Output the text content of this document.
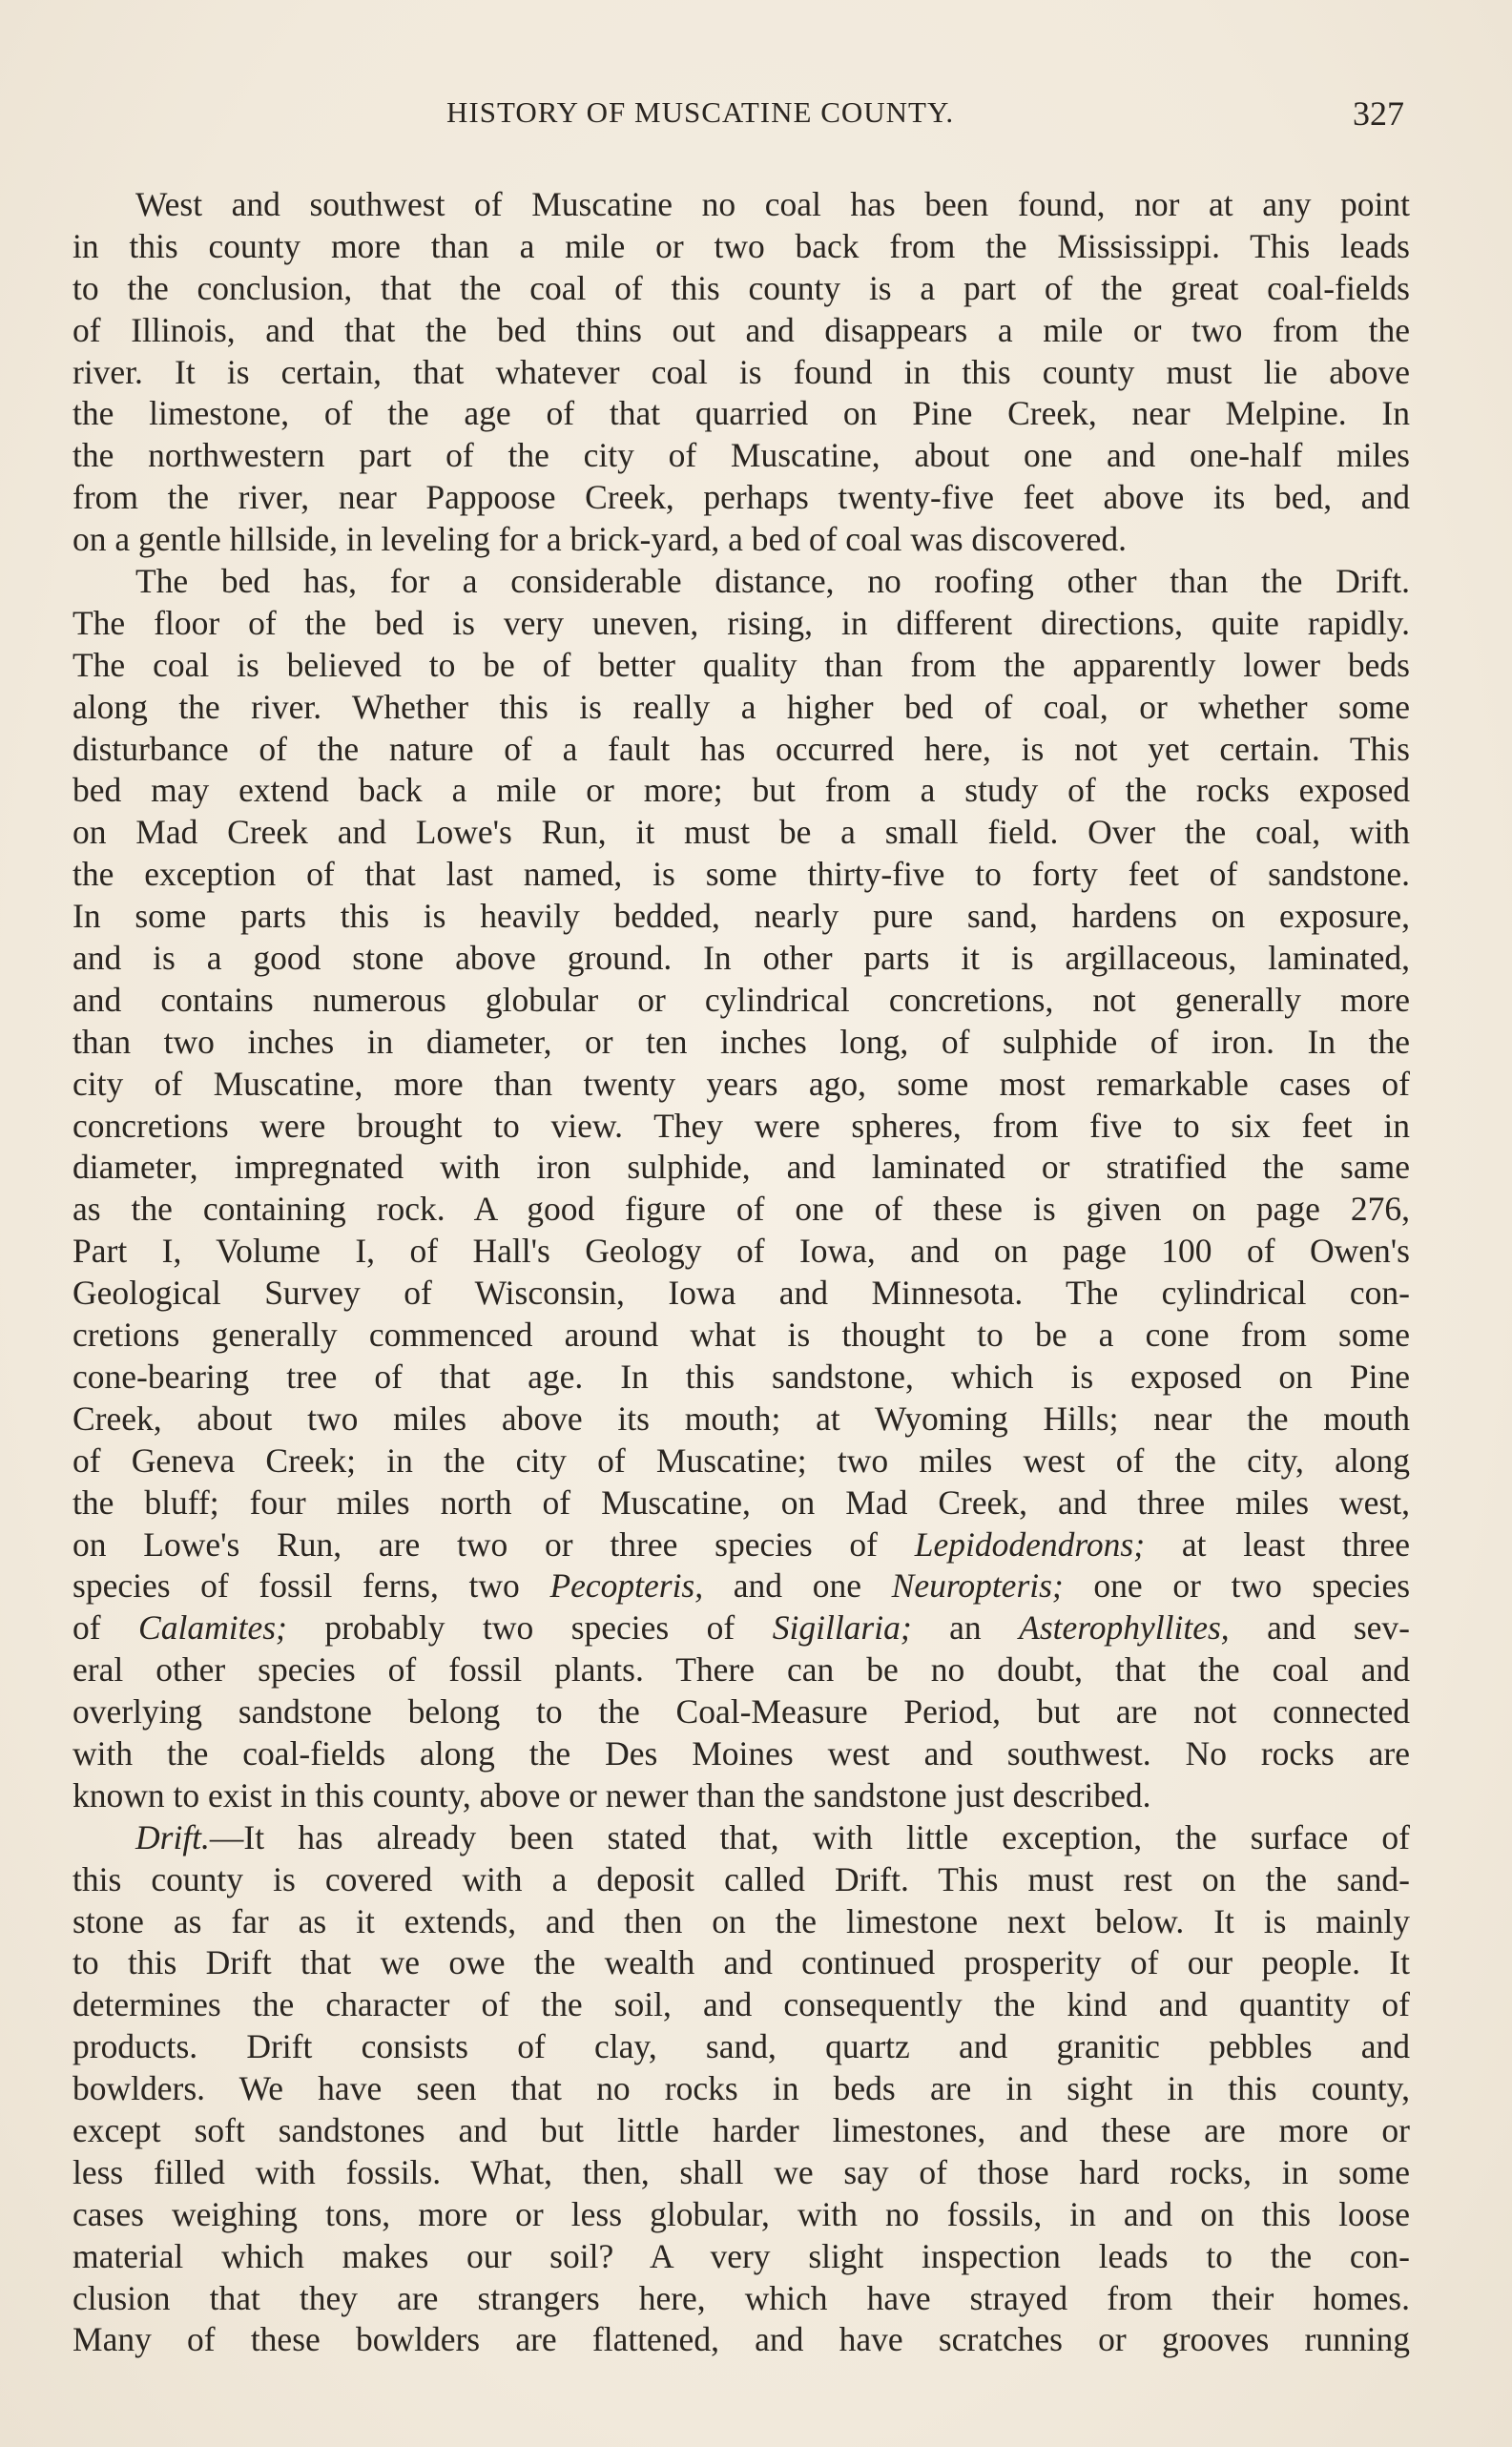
HISTORY OF MUSCATINE COUNTY.	327
West and southwest of Muscatine no coal has been found, nor at any point
in this county more than a mile or two back from the Mississippi. This leads
to the conclusion, that the coal of this county is a part of the great coal-fields
of Illinois, and that the bed thins out and disappears a mile or two from the
river. It is certain, that whatever coal is found in this county must lie above
the limestone, of the age of that quarried on Pine Creek, near Melpine. In
the northwestern part of the city of Muscatine, about one and one-half miles
from the river, near Pappoose Creek, perhaps twenty-five feet above its bed, and
on a gentle hillside, in leveling for a brick-yard, a bed of coal was discovered.
The bed has, for a considerable distance, no roofing other than the Drift.
The floor of the bed is very uneven, rising, in different directions, quite rapidly.
The coal is believed to be of better quality than from the apparently lower beds
along the river. Whether this is really a higher bed of coal, or whether some
disturbance of the nature of a fault has occurred here, is not yet certain. This
bed may extend back a mile or more; but from a study of the rocks exposed
on Mad Creek and Lowe's Run, it must be a small field. Over the coal, with
the exception of that last named, is some thirty-five to forty feet of sandstone.
In some parts this is heavily bedded, nearly pure sand, hardens on exposure,
and is a good stone above ground. In other parts it is argillaceous, laminated,
and contains numerous globular or cylindrical concretions, not generally more
than two inches in diameter, or ten inches long, of sulphide of iron. In the
city of Muscatine, more than twenty years ago, some most remarkable cases of
concretions were brought to view. They were spheres, from five to six feet in
diameter, impregnated with iron sulphide, and laminated or stratified the same
as the containing rock. A good figure of one of these is given on page 276,
Part I, Volume I, of Hall's Geology of Iowa, and on page 100 of Owen's
Geological Survey of Wisconsin, Iowa and Minnesota. The cylindrical con-
cretions generally commenced around what is thought to be a cone from some
cone-bearing tree of that age. In this sandstone, which is exposed on Pine
Creek, about two miles above its mouth; at Wyoming Hills; near the mouth
of Geneva Creek; in the city of Muscatine; two miles west of the city, along
the bluff; four miles north of Muscatine, on Mad Creek, and three miles west,
on Lowe's Run, are two or three species of Lepidodendrons; at least three
species of fossil ferns, two Pecopteris, and one Neuropteris; one or two species
of Calamites; probably two species of Sigillaria; an Asterophyllites, and sev-
eral other species of fossil plants. There can be no doubt, that the coal and
overlying sandstone belong to the Coal-Measure Period, but are not connected
with the coal-fields along the Des Moines west and southwest. No rocks are
known to exist in this county, above or newer than the sandstone just described.
Drift.—It has already been stated that, with little exception, the surface of
this county is covered with a deposit called Drift. This must rest on the sand-
stone as far as it extends, and then on the limestone next below. It is mainly
to this Drift that we owe the wealth and continued prosperity of our people. It
determines the character of the soil, and consequently the kind and quantity of
products. Drift consists of clay, sand, quartz and granitic pebbles and
bowlders. We have seen that no rocks in beds are in sight in this county,
except soft sandstones and but little harder limestones, and these are more or
less filled with fossils. What, then, shall we say of those hard rocks, in some
cases weighing tons, more or less globular, with no fossils, in and on this loose
material which makes our soil? A very slight inspection leads to the con-
clusion that they are strangers here, which have strayed from their homes.
Many of these bowlders are flattened, and have scratches or grooves running
